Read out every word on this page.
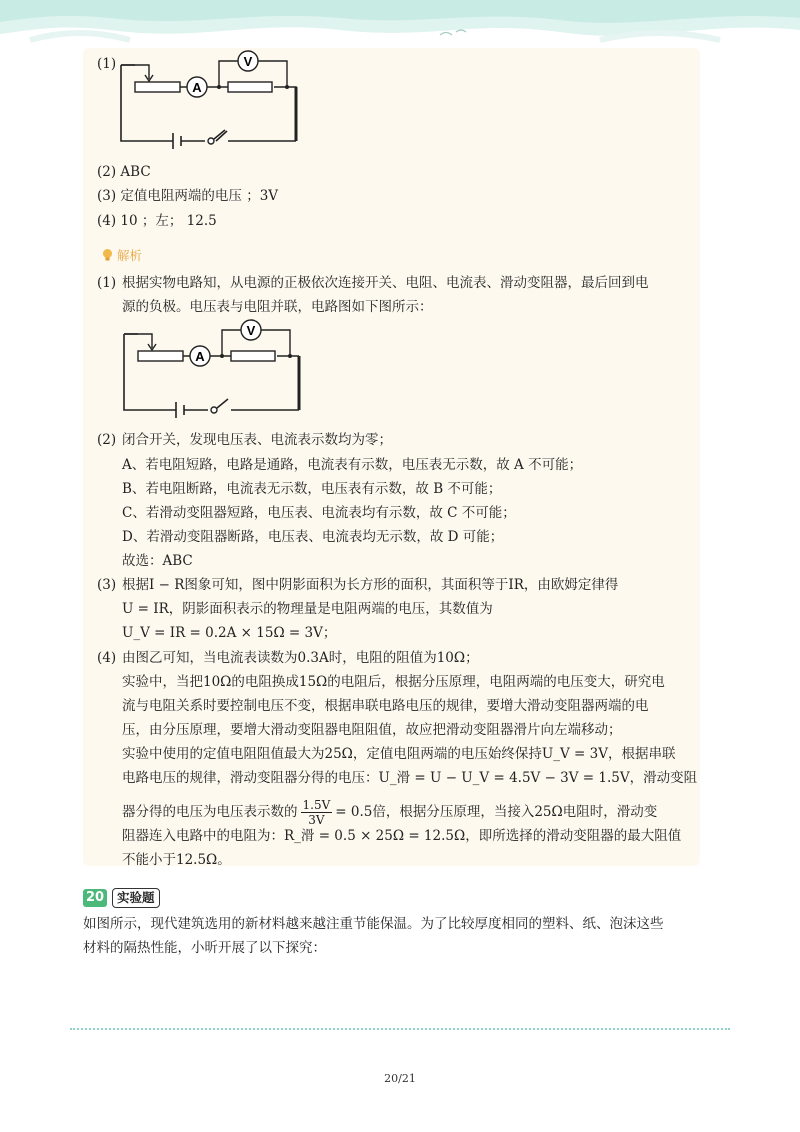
(1)
A
V
(2) ABC
(3) 定值电阻两端的电压 ；3V
(4) 10 ；左； 12.5
解析
(1) 根据实物电路知，从电源的正极依次连接开关、电阻、电流表、滑动变阻器，最后回到电
源的负极。电压表与电阻并联，电路图如下图所示：
A
V
(2) 闭合开关，发现电压表、电流表示数均为零；
A、若电阻短路，电路是通路，电流表有示数，电压表无示数，故 A 不可能；
B、若电阻断路，电流表无示数，电压表有示数，故 B 不可能；
C、若滑动变阻器短路，电压表、电流表均有示数，故 C 不可能；
D、若滑动变阻器断路，电压表、电流表均无示数，故 D 可能；
故选：ABC
(3) 根据I − R图象可知，图中阴影面积为长方形的面积，其面积等于IR，由欧姆定律得
U = IR，阴影面积表示的物理量是电阻两端的电压，其数值为
U_V = IR = 0.2A × 15Ω = 3V；
(4) 由图乙可知，当电流表读数为0.3A时，电阻的阻值为10Ω；
实验中，当把10Ω的电阻换成15Ω的电阻后，根据分压原理，电阻两端的电压变大，研究电
流与电阻关系时要控制电压不变，根据串联电路电压的规律，要增大滑动变阻器两端的电
压，由分压原理，要增大滑动变阻器电阻阻值，故应把滑动变阻器滑片向左端移动；
实验中使用的定值电阻阻值最大为25Ω，定值电阻两端的电压始终保持U_V = 3V，根据串联
电路电压的规律，滑动变阻器分得的电压：U_滑 = U − U_V = 4.5V − 3V = 1.5V，滑动变阻
器分得的电压为电压表示数的 $\frac{1.5V}{3V} = 0.5$倍，根据分压原理，当接入25Ω电阻时，滑动变
阻器连入电路中的电阻为：R_滑 = 0.5 × 25Ω = 12.5Ω，即所选择的滑动变阻器的最大阻值
不能小于12.5Ω。
20	实验题
如图所示，现代建筑选用的新材料越来越注重节能保温。为了比较厚度相同的塑料、纸、泡沫这些
材料的隔热性能，小昕开展了以下探究：
20/21
